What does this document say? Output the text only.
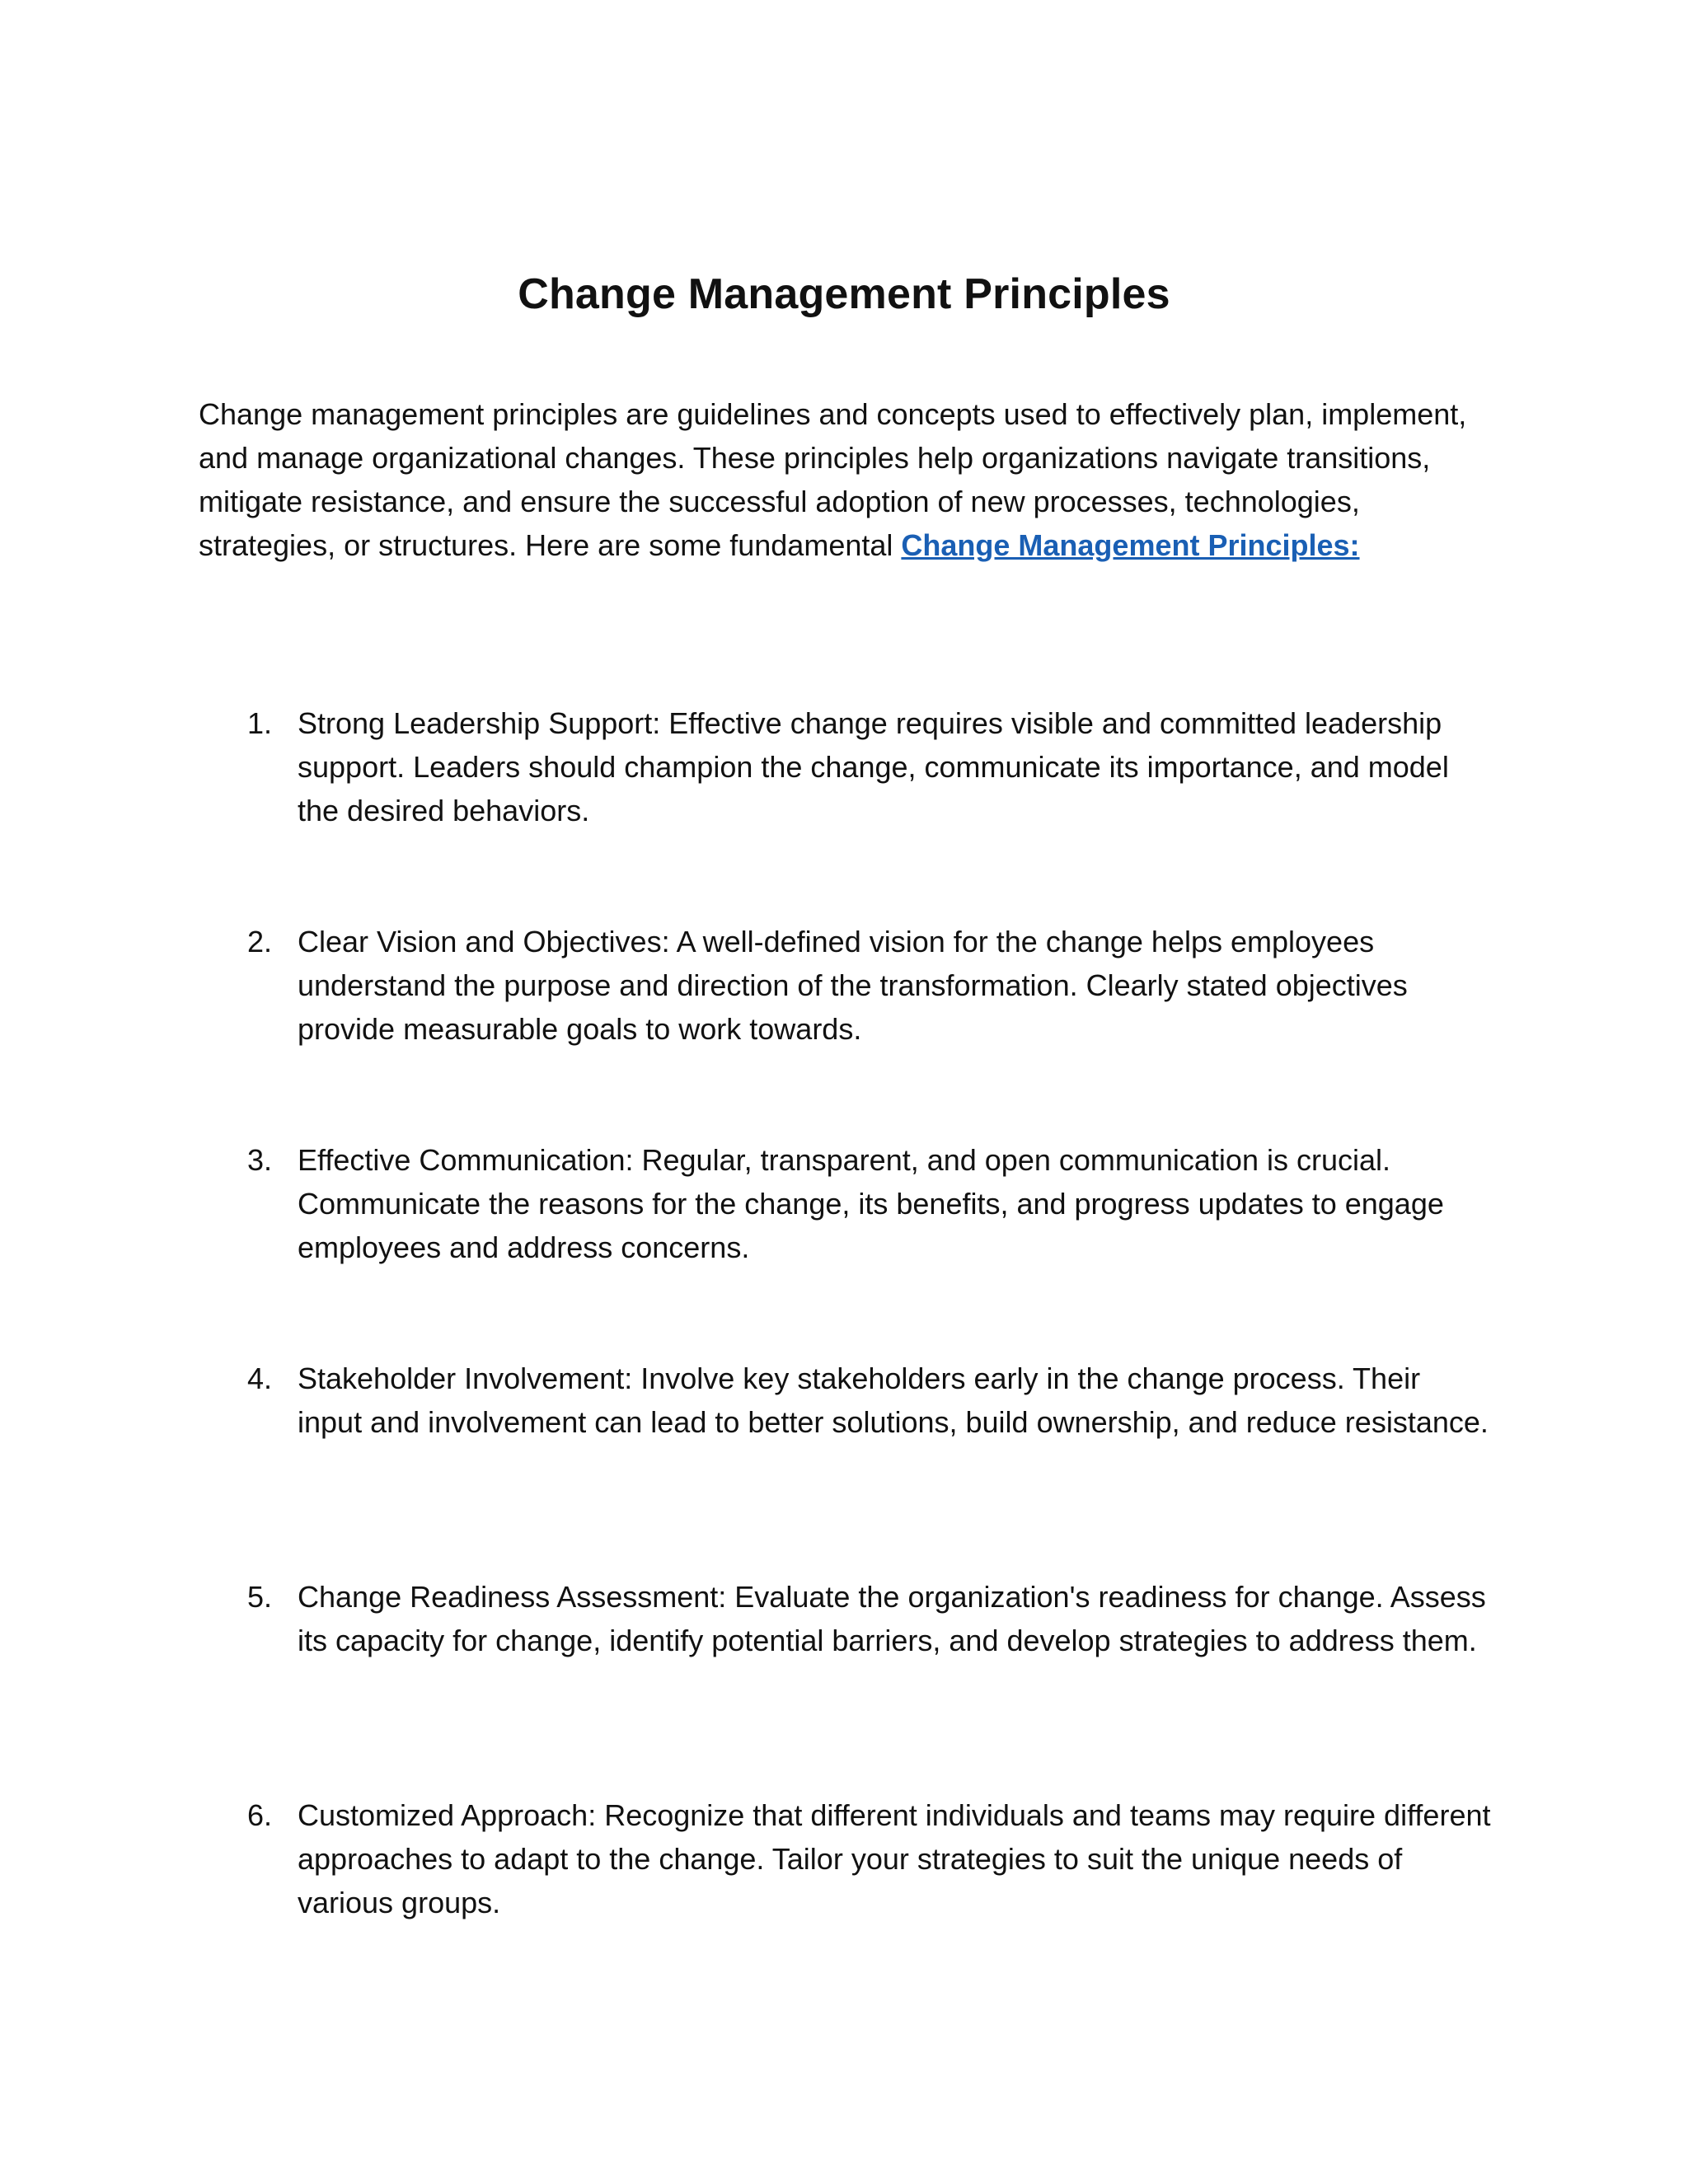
Change Management Principles
Change management principles are guidelines and concepts used to effectively plan, implement, and manage organizational changes. These principles help organizations navigate transitions, mitigate resistance, and ensure the successful adoption of new processes, technologies, strategies, or structures. Here are some fundamental Change Management Principles:
1. Strong Leadership Support: Effective change requires visible and committed leadership support. Leaders should champion the change, communicate its importance, and model the desired behaviors.
2. Clear Vision and Objectives: A well-defined vision for the change helps employees understand the purpose and direction of the transformation. Clearly stated objectives provide measurable goals to work towards.
3. Effective Communication: Regular, transparent, and open communication is crucial. Communicate the reasons for the change, its benefits, and progress updates to engage employees and address concerns.
4. Stakeholder Involvement: Involve key stakeholders early in the change process. Their input and involvement can lead to better solutions, build ownership, and reduce resistance.
5. Change Readiness Assessment: Evaluate the organization's readiness for change. Assess its capacity for change, identify potential barriers, and develop strategies to address them.
6. Customized Approach: Recognize that different individuals and teams may require different approaches to adapt to the change. Tailor your strategies to suit the unique needs of various groups.
